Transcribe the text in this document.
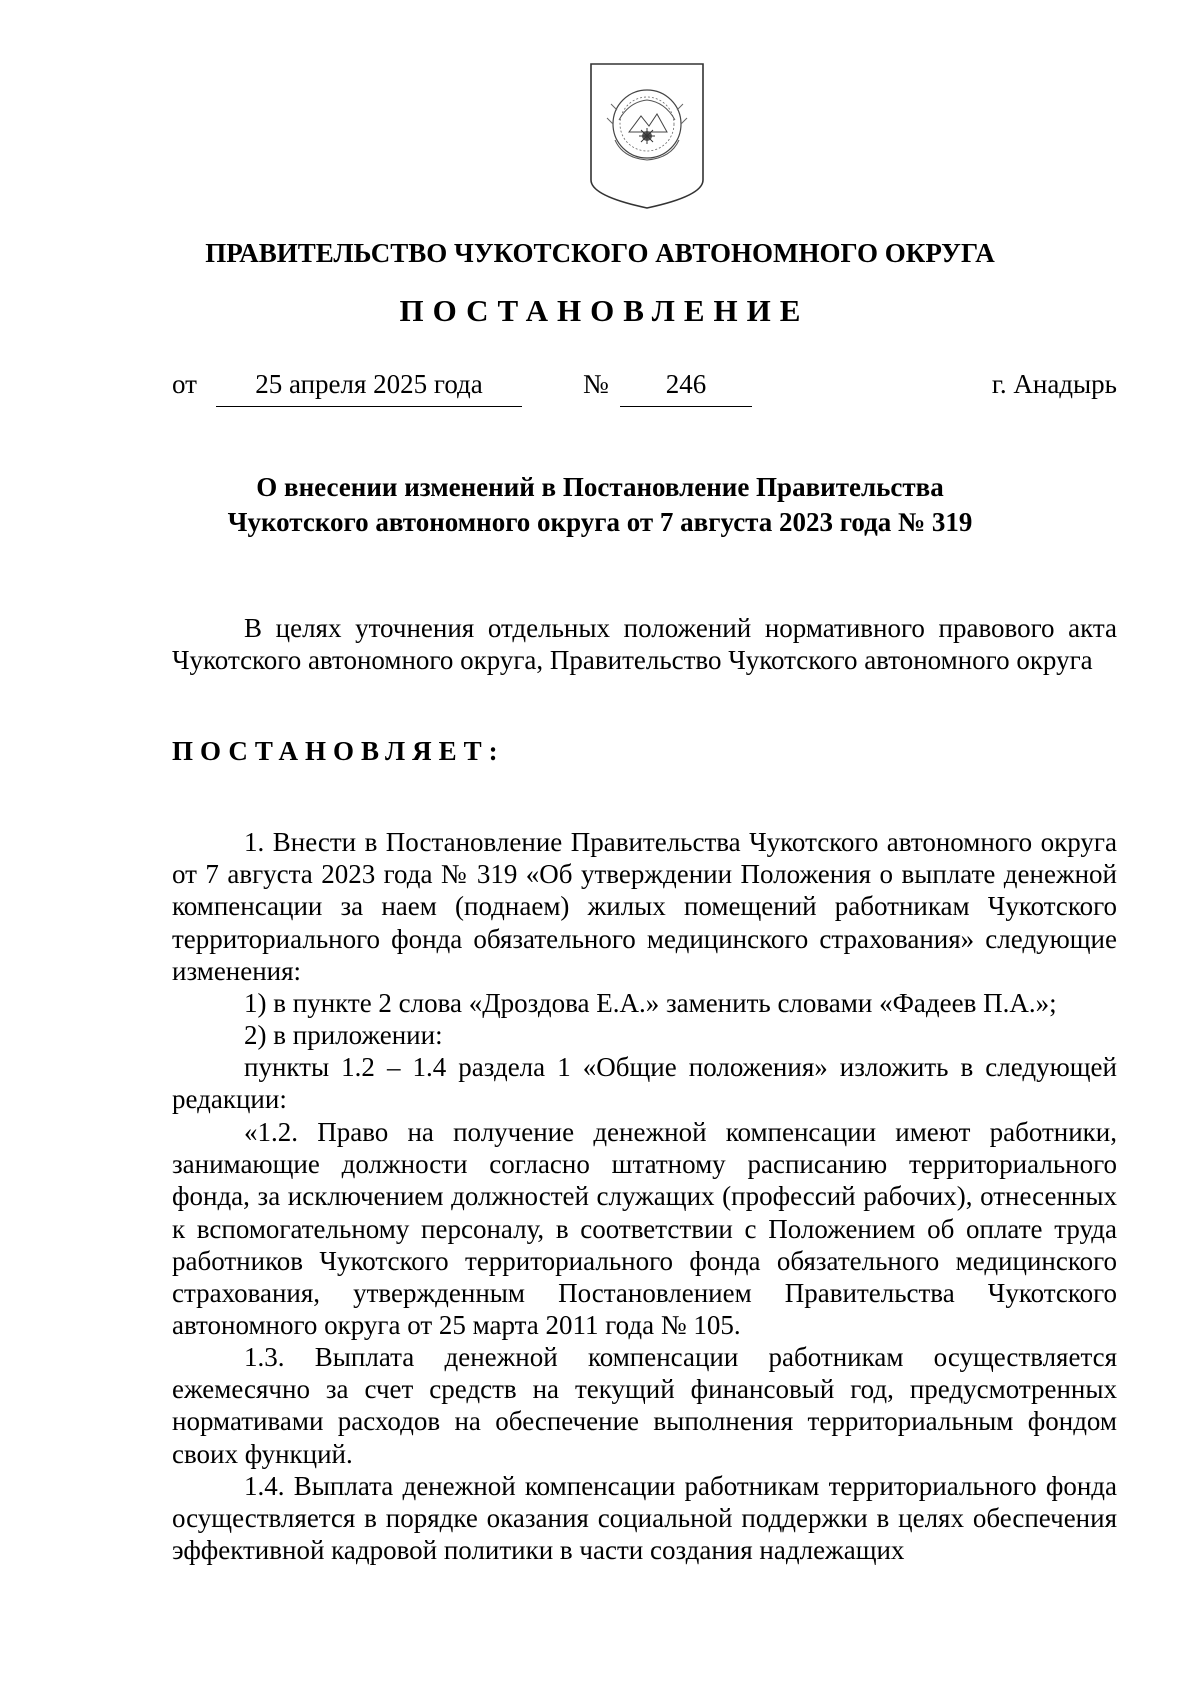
ПРАВИТЕЛЬСТВО ЧУКОТСКОГО АВТОНОМНОГО ОКРУГА
ПОСТАНОВЛЕНИЕ
от	25 апреля 2025 года	№	246	г. Анадырь
О внесении изменений в Постановление Правительства
Чукотского автономного округа от 7 августа 2023 года № 319

В целях уточнения отдельных положений нормативного правового акта Чукотского автономного округа, Правительство Чукотского автономного округа

ПОСТАНОВЛЯЕТ:

1. Внести в Постановление Правительства Чукотского автономного округа от 7 августа 2023 года № 319 «Об утверждении Положения о выплате денежной компенсации за наем (поднаем) жилых помещений работникам Чукотского территориального фонда обязательного медицинского страхования» следующие изменения:

1) в пункте 2 слова «Дроздова Е.А.» заменить словами «Фадеев П.А.»;

2) в приложении:

пункты 1.2 – 1.4 раздела 1 «Общие положения» изложить в следующей редакции:

«1.2. Право на получение денежной компенсации имеют работники, занимающие должности согласно штатному расписанию территориального фонда, за исключением должностей служащих (профессий рабочих), отнесенных к вспомогательному персоналу, в соответствии с Положением об оплате труда работников Чукотского территориального фонда обязательного медицинского страхования, утвержденным Постановлением Правительства Чукотского автономного округа от 25 марта 2011 года № 105.

1.3. Выплата денежной компенсации работникам осуществляется ежемесячно за счет средств на текущий финансовый год, предусмотренных нормативами расходов на обеспечение выполнения территориальным фондом своих функций.

1.4. Выплата денежной компенсации работникам территориального фонда осуществляется в порядке оказания социальной поддержки в целях обеспечения эффективной кадровой политики в части создания надлежащих
